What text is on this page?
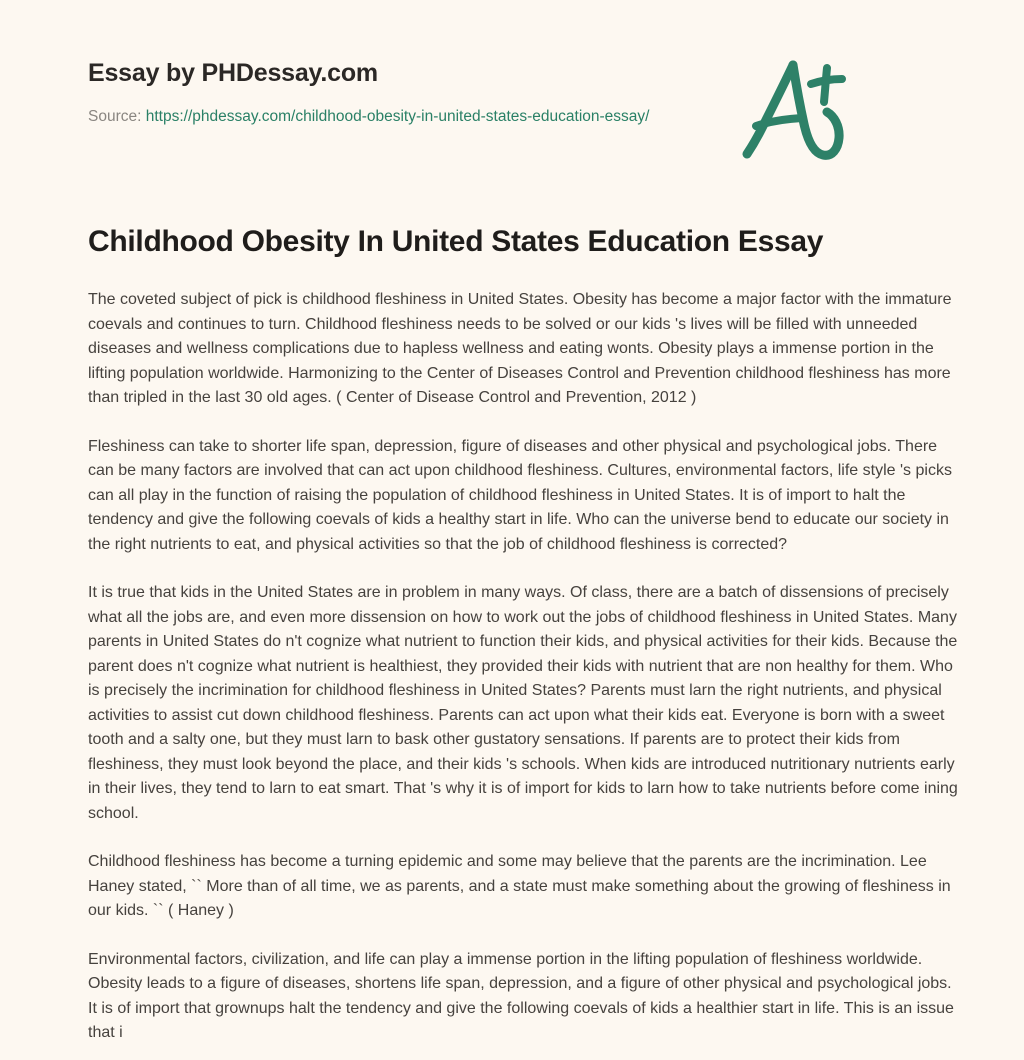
Essay by PHDessay.com
Source: https://phdessay.com/childhood-obesity-in-united-states-education-essay/
Childhood Obesity In United States Education Essay

The coveted subject of pick is childhood fleshiness in United States. Obesity has become a major factor with the immature coevals and continues to turn. Childhood fleshiness needs to be solved or our kids 's lives will be filled with unneeded diseases and wellness complications due to hapless wellness and eating wonts. Obesity plays a immense portion in the lifting population worldwide. Harmonizing to the Center of Diseases Control and Prevention childhood fleshiness has more than tripled in the last 30 old ages. ( Center of Disease Control and Prevention, 2012 )

Fleshiness can take to shorter life span, depression, figure of diseases and other physical and psychological jobs. There can be many factors are involved that can act upon childhood fleshiness. Cultures, environmental factors, life style 's picks can all play in the function of raising the population of childhood fleshiness in United States. It is of import to halt the tendency and give the following coevals of kids a healthy start in life. Who can the universe bend to educate our society in the right nutrients to eat, and physical activities so that the job of childhood fleshiness is corrected?

It is true that kids in the United States are in problem in many ways. Of class, there are a batch of dissensions of precisely what all the jobs are, and even more dissension on how to work out the jobs of childhood fleshiness in United States. Many parents in United States do n't cognize what nutrient to function their kids, and physical activities for their kids. Because the parent does n't cognize what nutrient is healthiest, they provided their kids with nutrient that are non healthy for them. Who is precisely the incrimination for childhood fleshiness in United States? Parents must larn the right nutrients, and physical activities to assist cut down childhood fleshiness. Parents can act upon what their kids eat. Everyone is born with a sweet tooth and a salty one, but they must larn to bask other gustatory sensations. If parents are to protect their kids from fleshiness, they must look beyond the place, and their kids 's schools. When kids are introduced nutritionary nutrients early in their lives, they tend to larn to eat smart. That 's why it is of import for kids to larn how to take nutrients before come ining school.

Childhood fleshiness has become a turning epidemic and some may believe that the parents are the incrimination. Lee Haney stated, `` More than of all time, we as parents, and a state must make something about the growing of fleshiness in our kids. `` ( Haney )

Environmental factors, civilization, and life can play a immense portion in the lifting population of fleshiness worldwide. Obesity leads to a figure of diseases, shortens life span, depression, and a figure of other physical and psychological jobs. It is of import that grownups halt the tendency and give the following coevals of kids a healthier start in life. This is an issue that i
